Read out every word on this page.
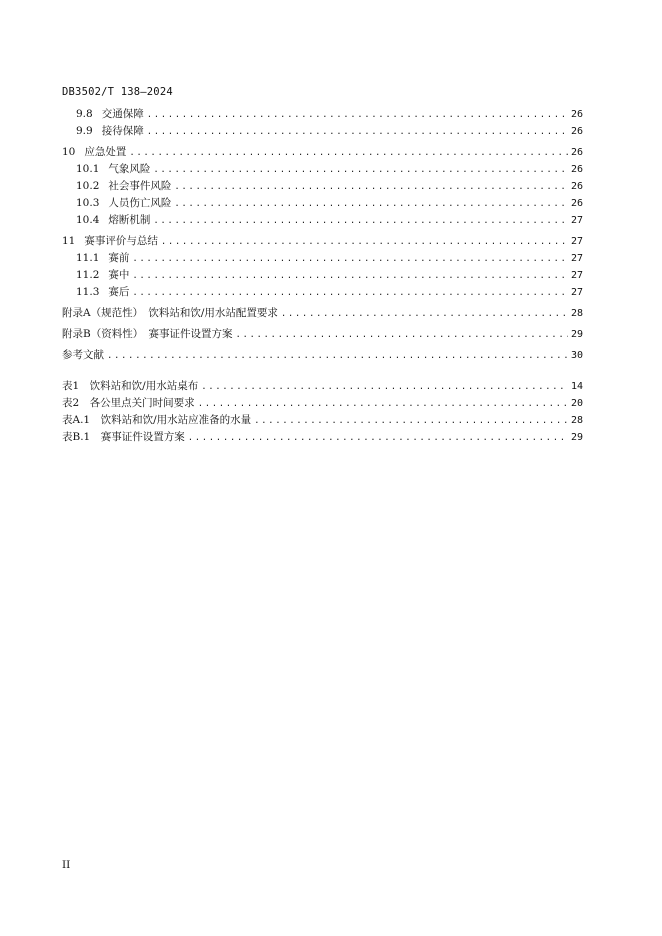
DB3502/T 138—2024
9.8 交通保障 .....	26
9.9 接待保障 .....	26
10 应急处置 .....	26
10.1 气象风险 .....	26
10.2 社会事件风险 .....	26
10.3 人员伤亡风险 .....	26
10.4 熔断机制 .....	27
11 赛事评价与总结 .....	27
11.1 赛前 .....	27
11.2 赛中 .....	27
11.3 赛后 .....	27
附录A（规范性）　饮料站和饮/用水站配置要求 .....	28
附录B（资料性）　赛事证件设置方案 .....	29
参考文献 .....	30
表1　饮料站和饮/用水站桌布 .....	14
表2　各公里点关门时间要求 .....	20
表A.1　饮料站和饮/用水站应准备的水量 .....	28
表B.1　赛事证件设置方案 .....	29
II
